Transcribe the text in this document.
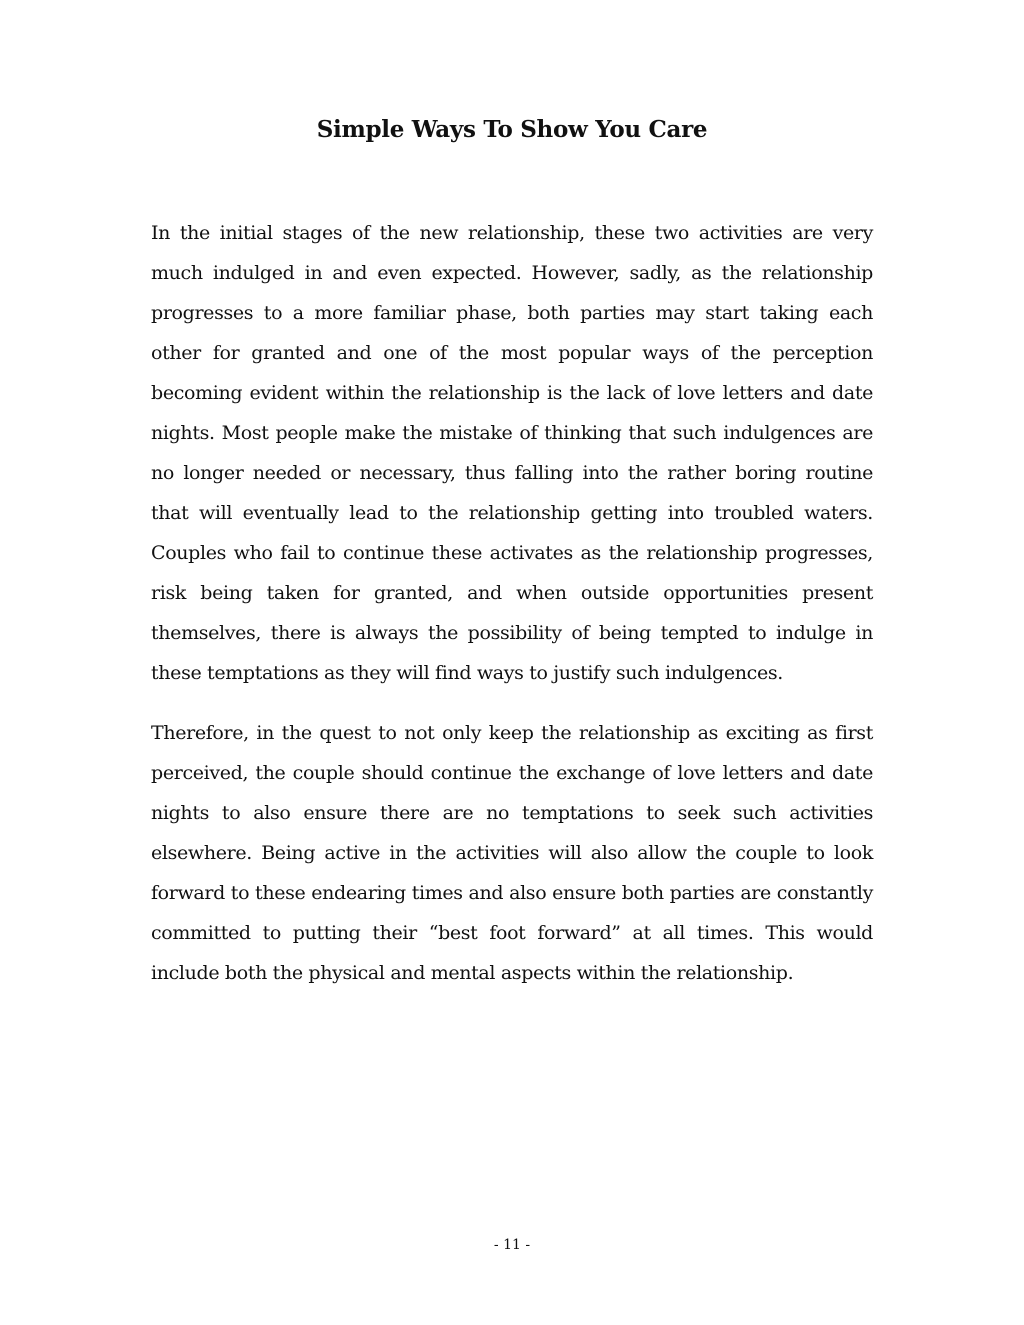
Simple Ways To Show You Care

In the initial stages of the new relationship, these two activities are very much indulged in and even expected. However, sadly, as the relationship progresses to a more familiar phase, both parties may start taking each other for granted and one of the most popular ways of the perception becoming evident within the relationship is the lack of love letters and date nights. Most people make the mistake of thinking that such indulgences are no longer needed or necessary, thus falling into the rather boring routine that will eventually lead to the relationship getting into troubled waters. Couples who fail to continue these activates as the relationship progresses, risk being taken for granted, and when outside opportunities present themselves, there is always the possibility of being tempted to indulge in these temptations as they will find ways to justify such indulgences.

Therefore, in the quest to not only keep the relationship as exciting as first perceived, the couple should continue the exchange of love letters and date nights to also ensure there are no temptations to seek such activities elsewhere. Being active in the activities will also allow the couple to look forward to these endearing times and also ensure both parties are constantly committed to putting their “best foot forward” at all times. This would include both the physical and mental aspects within the relationship.

- 11 -
